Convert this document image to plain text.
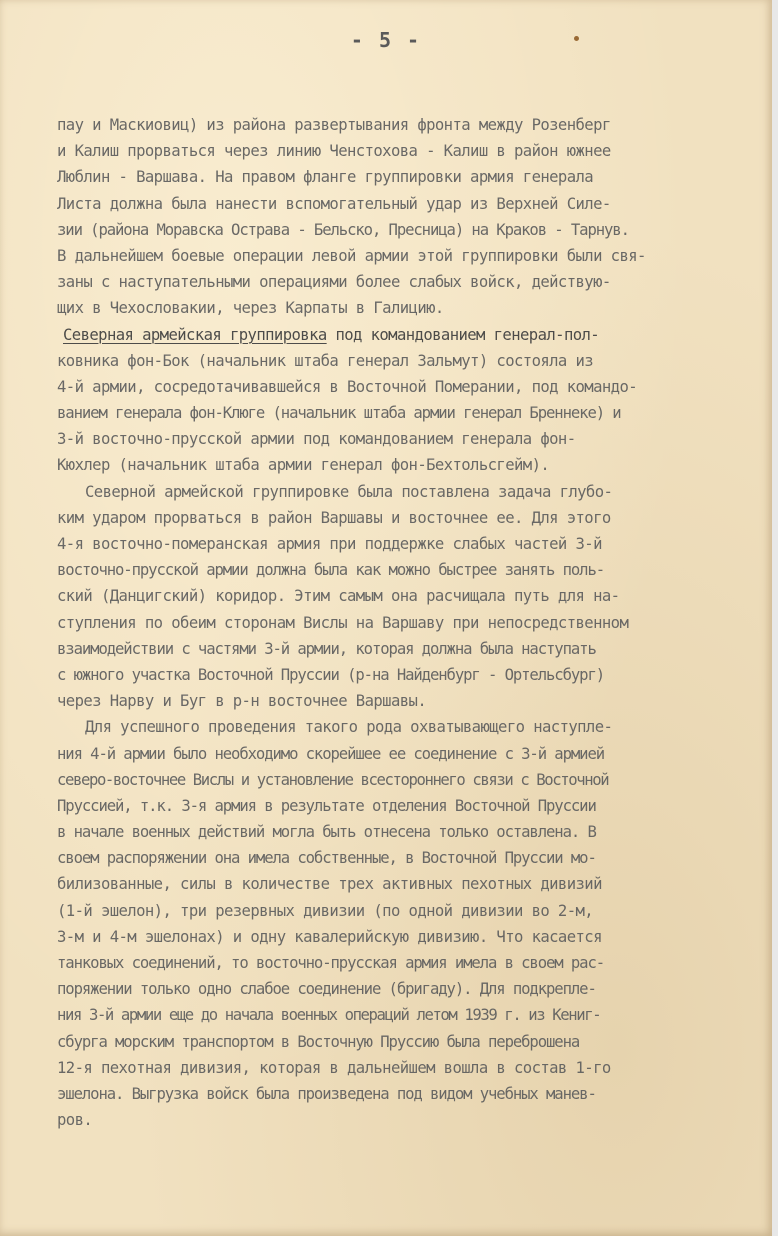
- 5 -
пау и Маскиовиц) из района развертывания фронта между Розенберг
и Калиш прорваться через линию Ченстохова - Калиш в район южнее
Люблин - Варшава. На правом фланге группировки армия генерала
Листа должна была нанести вспомогательный удар из Верхней Силе-
зии (района Моравска Острава - Бельско, Пресница) на Краков - Тарнув.
В дальнейшем боевые операции левой армии этой группировки были свя-
заны с наступательными операциями более слабых войск, действую-
щих в Чехословакии, через Карпаты в Галицию.
Северная армейская группировка под командованием генерал-пол-
ковника фон-Бок (начальник штаба генерал Зальмут) состояла из
4-й армии, сосредотачивавшейся в Восточной Померании, под командо-
ванием генерала фон-Клюге (начальник штаба армии генерал Бреннеке) и
3-й восточно-прусской армии под командованием генерала фон-
Кюхлер (начальник штаба армии генерал фон-Бехтольсгейм).
Северной армейской группировке была поставлена задача глубо-
ким ударом прорваться в район Варшавы и восточнее ее. Для этого
4-я восточно-померанская армия при поддержке слабых частей 3-й
восточно-прусской армии должна была как можно быстрее занять поль-
ский (Данцигский) коридор. Этим самым она расчищала путь для на-
ступления по обеим сторонам Вислы на Варшаву при непосредственном
взаимодействии с частями 3-й армии, которая должна была наступать
с южного участка Восточной Пруссии (р-на Найденбург - Ортельсбург)
через Нарву и Буг в р-н восточнее Варшавы.
Для успешного проведения такого рода охватывающего наступле-
ния 4-й армии было необходимо скорейшее ее соединение с 3-й армией
северо-восточнее Вислы и установление всестороннего связи с Восточной
Пруссией, т.к. 3-я армия в результате отделения Восточной Пруссии
в начале военных действий могла быть отнесена только оставлена. В
своем распоряжении она имела собственные, в Восточной Пруссии мо-
билизованные, силы в количестве трех активных пехотных дивизий
(1-й эшелон), три резервных дивизии (по одной дивизии во 2-м,
3-м и 4-м эшелонах) и одну кавалерийскую дивизию. Что касается
танковых соединений, то восточно-прусская армия имела в своем рас-
поряжении только одно слабое соединение (бригаду). Для подкрепле-
ния 3-й армии еще до начала военных операций летом 1939 г. из Кениг-
сбурга морским транспортом в Восточную Пруссию была переброшена
12-я пехотная дивизия, которая в дальнейшем вошла в состав 1-го
эшелона. Выгрузка войск была произведена под видом учебных манев-
ров.
